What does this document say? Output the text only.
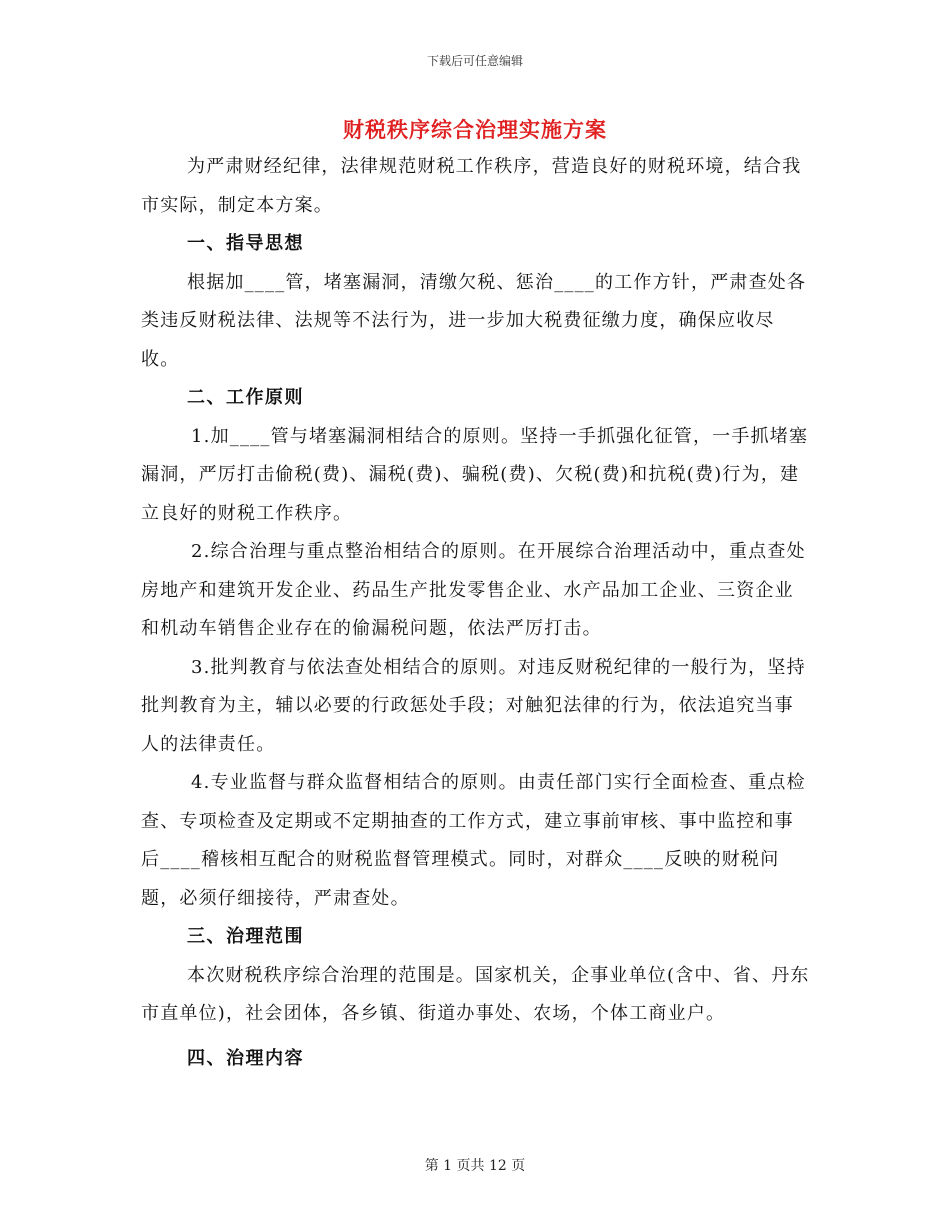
下载后可任意编辑
财税秩序综合治理实施方案

为严肃财经纪律，法律规范财税工作秩序，营造良好的财税环境，结合我市实际，制定本方案。

一、指导思想

根据加____管，堵塞漏洞，清缴欠税、惩治____的工作方针，严肃查处各类违反财税法律、法规等不法行为，进一步加大税费征缴力度，确保应收尽收。

二、工作原则

1.加____管与堵塞漏洞相结合的原则。坚持一手抓强化征管，一手抓堵塞漏洞，严厉打击偷税(费)、漏税(费)、骗税(费)、欠税(费)和抗税(费)行为，建立良好的财税工作秩序。

2.综合治理与重点整治相结合的原则。在开展综合治理活动中，重点查处房地产和建筑开发企业、药品生产批发零售企业、水产品加工企业、三资企业和机动车销售企业存在的偷漏税问题，依法严厉打击。

3.批判教育与依法查处相结合的原则。对违反财税纪律的一般行为，坚持批判教育为主，辅以必要的行政惩处手段；对触犯法律的行为，依法追究当事人的法律责任。

4.专业监督与群众监督相结合的原则。由责任部门实行全面检查、重点检查、专项检查及定期或不定期抽查的工作方式，建立事前审核、事中监控和事后____稽核相互配合的财税监督管理模式。同时，对群众____反映的财税问题，必须仔细接待，严肃查处。

三、治理范围

本次财税秩序综合治理的范围是。国家机关，企事业单位(含中、省、丹东市直单位)，社会团体，各乡镇、街道办事处、农场，个体工商业户。

四、治理内容

第 1 页共 12 页
